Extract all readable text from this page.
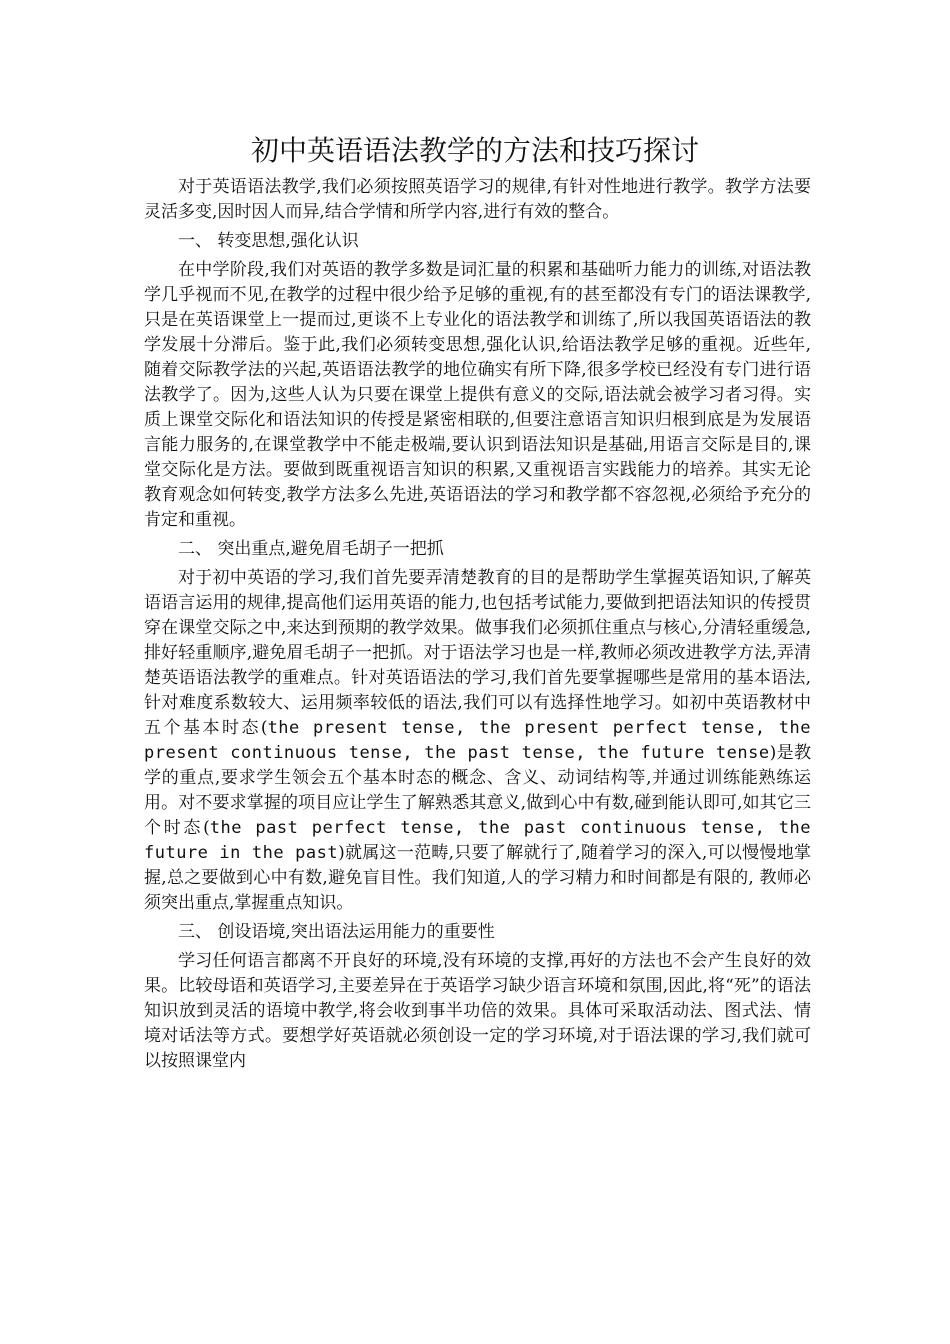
初中英语语法教学的方法和技巧探讨

对于英语语法教学,我们必须按照英语学习的规律,有针对性地进行教学。教学方法要灵活多变,因时因人而异,结合学情和所学内容,进行有效的整合。

一、 转变思想,强化认识

在中学阶段,我们对英语的教学多数是词汇量的积累和基础听力能力的训练,对语法教学几乎视而不见,在教学的过程中很少给予足够的重视,有的甚至都没有专门的语法课教学,只是在英语课堂上一提而过,更谈不上专业化的语法教学和训练了,所以我国英语语法的教学发展十分滞后。鉴于此,我们必须转变思想,强化认识,给语法教学足够的重视。近些年,随着交际教学法的兴起,英语语法教学的地位确实有所下降,很多学校已经没有专门进行语法教学了。因为,这些人认为只要在课堂上提供有意义的交际,语法就会被学习者习得。实质上课堂交际化和语法知识的传授是紧密相联的,但要注意语言知识归根到底是为发展语言能力服务的,在课堂教学中不能走极端,要认识到语法知识是基础,用语言交际是目的,课堂交际化是方法。要做到既重视语言知识的积累,又重视语言实践能力的培养。其实无论教育观念如何转变,教学方法多么先进,英语语法的学习和教学都不容忽视,必须给予充分的肯定和重视。

二、 突出重点,避免眉毛胡子一把抓

对于初中英语的学习,我们首先要弄清楚教育的目的是帮助学生掌握英语知识,了解英语语言运用的规律,提高他们运用英语的能力,也包括考试能力,要做到把语法知识的传授贯穿在课堂交际之中,来达到预期的教学效果。做事我们必须抓住重点与核心,分清轻重缓急,排好轻重顺序,避免眉毛胡子一把抓。对于语法学习也是一样,教师必须改进教学方法,弄清楚英语语法教学的重难点。针对英语语法的学习,我们首先要掌握哪些是常用的基本语法,针对难度系数较大、运用频率较低的语法,我们可以有选择性地学习。如初中英语教材中五个基本时态(the present tense, the present perfect tense, the present continuous tense, the past tense, the future tense)是教学的重点,要求学生领会五个基本时态的概念、含义、动词结构等,并通过训练能熟练运用。对不要求掌握的项目应让学生了解熟悉其意义,做到心中有数,碰到能认即可,如其它三个时态(the past perfect tense, the past continuous tense, the future in the past)就属这一范畴,只要了解就行了,随着学习的深入,可以慢慢地掌握,总之要做到心中有数,避免盲目性。我们知道,人的学习精力和时间都是有限的, 教师必须突出重点,掌握重点知识。

三、 创设语境,突出语法运用能力的重要性

学习任何语言都离不开良好的环境,没有环境的支撑,再好的方法也不会产生良好的效果。比较母语和英语学习,主要差异在于英语学习缺少语言环境和氛围,因此,将“死”的语法知识放到灵活的语境中教学,将会收到事半功倍的效果。具体可采取活动法、图式法、情境对话法等方式。要想学好英语就必须创设一定的学习环境,对于语法课的学习,我们就可以按照课堂内
